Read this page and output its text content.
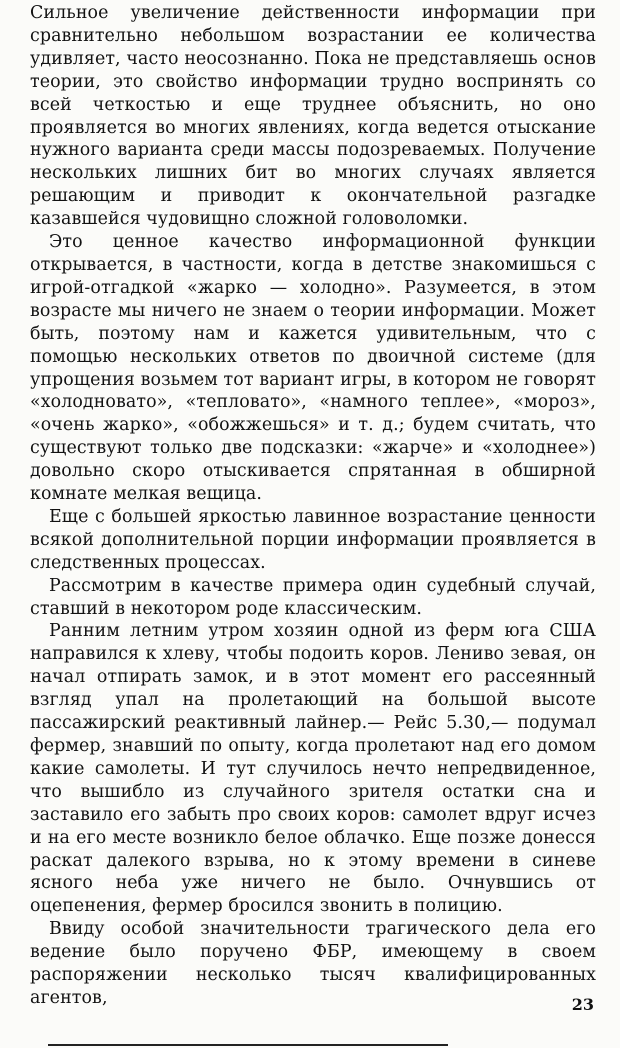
Сильное увеличение действенности информации при сравнительно небольшом возрастании ее количества удивляет, часто неосознанно. Пока не представляешь основ теории, это свойство информации трудно воспринять со всей четкостью и еще труднее объяснить, но оно проявляется во многих явлениях, когда ведется отыскание нужного варианта среди массы подозреваемых. Получение нескольких лишних бит во многих случаях является решающим и приводит к окончательной разгадке казавшейся чудовищно сложной головоломки.

Это ценное качество информационной функции открывается, в частности, когда в детстве знакомишься с игрой-отгадкой «жарко — холодно». Разумеется, в этом возрасте мы ничего не знаем о теории информации. Может быть, поэтому нам и кажется удивительным, что с помощью нескольких ответов по двоичной системе (для упрощения возьмем тот вариант игры, в котором не говорят «холодновато», «тепловато», «намного теплее», «мороз», «очень жарко», «обожжешься» и т. д.; будем считать, что существуют только две подсказки: «жарче» и «холоднее») довольно скоро отыскивается спрятанная в обширной комнате мелкая вещица.

Еще с большей яркостью лавинное возрастание ценности всякой дополнительной порции информации проявляется в следственных процессах.

Рассмотрим в качестве примера один судебный случай, ставший в некотором роде классическим.

Ранним летним утром хозяин одной из ферм юга США направился к хлеву, чтобы подоить коров. Лениво зевая, он начал отпирать замок, и в этот момент его рассеянный взгляд упал на пролетающий на большой высоте пассажирский реактивный лайнер.— Рейс 5.30,— подумал фермер, знавший по опыту, когда пролетают над его домом какие самолеты. И тут случилось нечто непредвиденное, что вышибло из случайного зрителя остатки сна и заставило его забыть про своих коров: самолет вдруг исчез и на его месте возникло белое облачко. Еще позже донесся раскат далекого взрыва, но к этому времени в синеве ясного неба уже ничего не было. Очнувшись от оцепенения, фермер бросился звонить в полицию.

Ввиду особой значительности трагического дела его ведение было поручено ФБР, имеющему в своем распоряжении несколько тысяч квалифицированных агентов,	23
